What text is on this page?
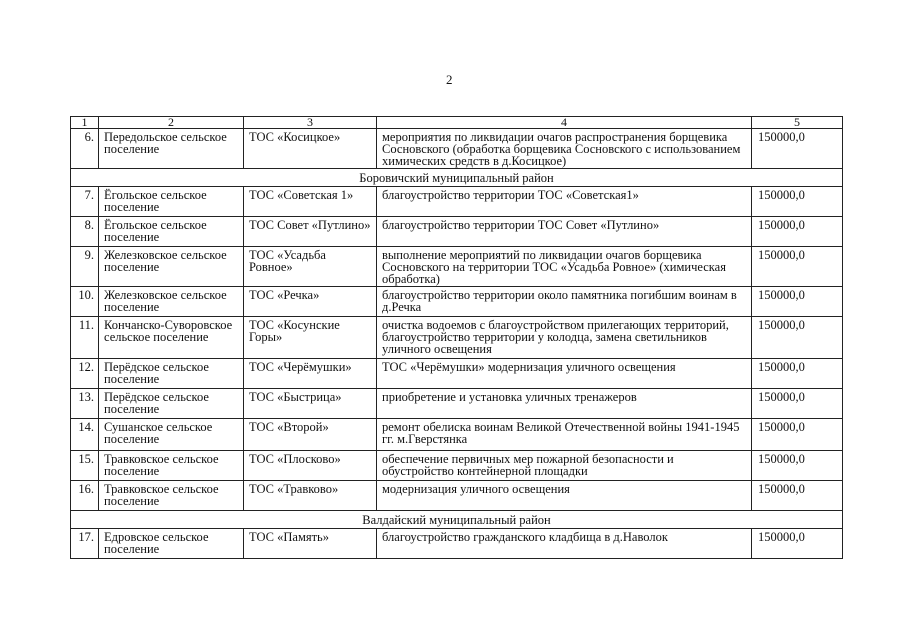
2
1	2	3	4	5
6.	Передольское сельское поселение	ТОС «Косицкое»	мероприятия по ликвидации очагов распространения борщевика Сосновского (обработка борщевика Сосновского с использованием химических средств в д.Косицкое)	150000,0
Боровичский муниципальный район				
7.	Ёгольское сельское поселение	ТОС «Советская 1»	благоустройство территории ТОС «Советская1»	150000,0
8.	Ёгольское сельское поселение	ТОС Совет «Путлино»	благоустройство территории ТОС Совет «Путлино»	150000,0
9.	Железковское сельское поселение	ТОС «Усадьба Ровное»	выполнение мероприятий по ликвидации очагов борщевика Сосновского на территории ТОС «Усадьба Ровное» (химическая обработка)	150000,0
10.	Железковское сельское поселение	ТОС «Речка»	благоустройство территории около памятника погибшим воинам в д.Речка	150000,0
11.	Кончанско-Суворовское сельское поселение	ТОС «Косунские Горы»	очистка водоемов с благоустройством прилегающих территорий, благоустройство территории у колодца, замена светильников уличного освещения	150000,0
12.	Перёдское сельское поселение	ТОС «Черёмушки»	ТОС «Черёмушки» модернизация уличного освещения	150000,0
13.	Перёдское сельское поселение	ТОС «Быстрица»	приобретение и установка уличных тренажеров	150000,0
14.	Сушанское сельское поселение	ТОС «Второй»	ремонт обелиска воинам Великой Отечественной войны 1941-1945 гг. м.Гверстянка	150000,0
15.	Травковское сельское поселение	ТОС «Плосково»	обеспечение первичных мер пожарной безопасности и обустройство контейнерной площадки	150000,0
16.	Травковское сельское поселение	ТОС «Травково»	модернизация уличного освещения	150000,0
Валдайский муниципальный район				
17.	Едровское сельское поселение	ТОС «Память»	благоустройство гражданского кладбища в д.Наволок	150000,0
